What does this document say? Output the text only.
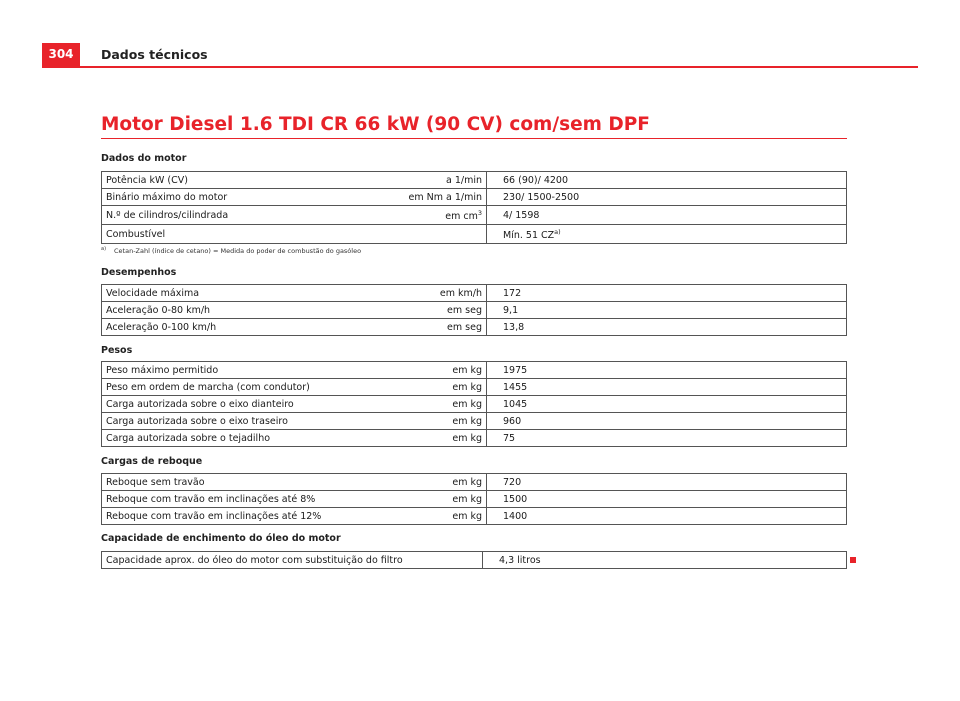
304	Dados técnicos
Motor Diesel 1.6 TDI CR 66 kW (90 CV) com/sem DPF
Dados do motor
Potência kW (CV)	a 1/min	66 (90)/ 4200
Binário máximo do motor	em Nm a 1/min	230/ 1500-2500
N.º de cilindros/cilindrada	em $cm^3$	4/ 1598
Combustível		Mín. 51 CZ$^{a)}$
$^{a)}$ Cetan-Zahl (índice de cetano) = Medida do poder de combustão do gasóleo
Desempenhos
Velocidade máxima	em km/h	172
Aceleração 0-80 km/h	em seg	9,1
Aceleração 0-100 km/h	em seg	13,8
Pesos
Peso máximo permitido	em kg	1975
Peso em ordem de marcha (com condutor)	em kg	1455
Carga autorizada sobre o eixo dianteiro	em kg	1045
Carga autorizada sobre o eixo traseiro	em kg	960
Carga autorizada sobre o tejadilho	em kg	75
Cargas de reboque
Reboque sem travão	em kg	720
Reboque com travão em inclinações até 8%	em kg	1500
Reboque com travão em inclinações até 12%	em kg	1400
Capacidade de enchimento do óleo do motor
Capacidade aprox. do óleo do motor com substituição do filtro	4,3 litros
